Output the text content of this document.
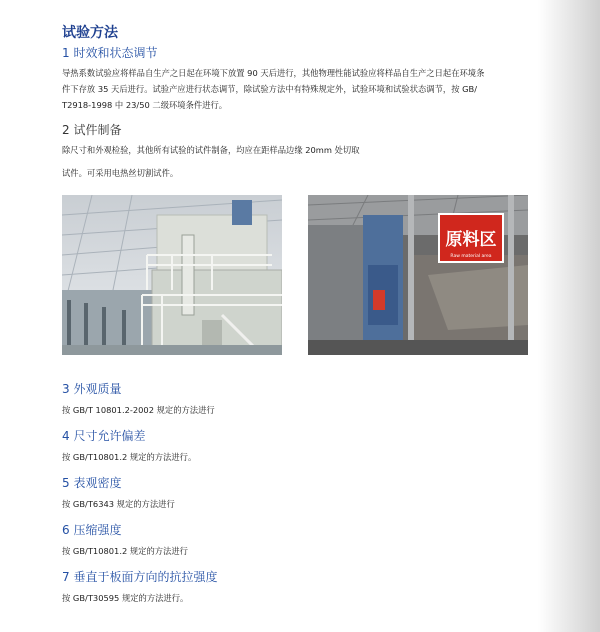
试验方法
1 时效和状态调节

导热系数试验应将样品自生产之日起在环境下放置 90 天后进行，其他物理性能试验应将样品自生产之日起在环境条

件下存放 35 天后进行。试验产应进行状态调节，除试验方法中有特殊规定外，试验环境和试验状态调节，按 GB/

T2918-1998 中 23/50 二级环境条件进行。

2 试件制备

除尺寸和外观检验，其他所有试验的试件制备，均应在距样品边缘 20mm 处切取

试件。可采用电热丝切割试件。

原料区
Raw material area
3 外观质量

按 GB/T 10801.2-2002 规定的方法进行

4 尺寸允许偏差

按 GB/T10801.2 规定的方法进行。

5 表观密度

按 GB/T6343 规定的方法进行

6 压缩强度

按 GB/T10801.2 规定的方法进行

7 垂直于板面方向的抗拉强度

按 GB/T30595 规定的方法进行。
